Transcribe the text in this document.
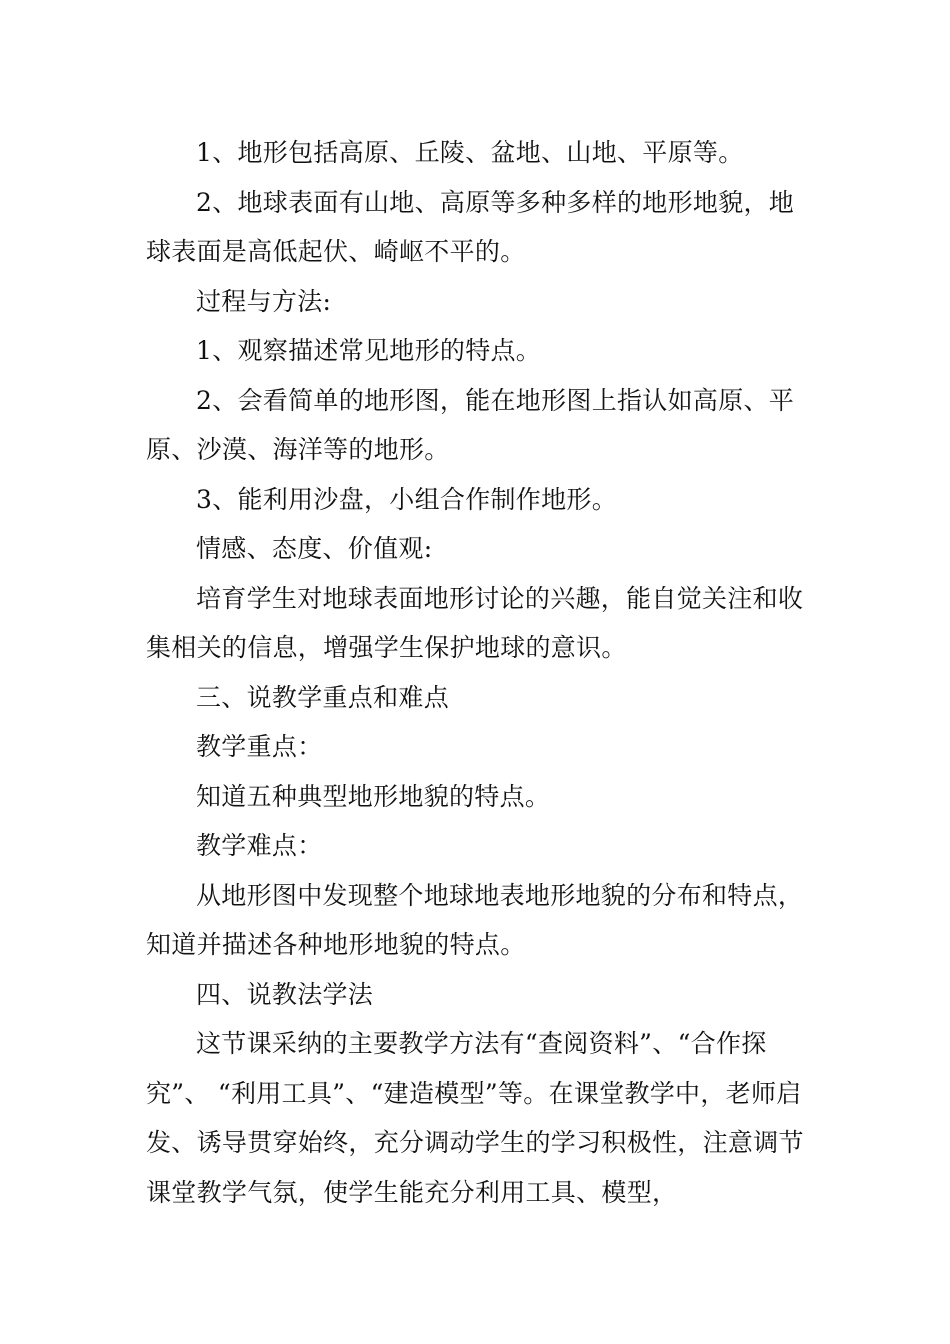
1、地形包括高原、丘陵、盆地、山地、平原等。

2、地球表面有山地、高原等多种多样的地形地貌，地球表面是高低起伏、崎岖不平的。

过程与方法:

1、观察描述常见地形的特点。

2、会看简单的地形图，能在地形图上指认如高原、平原、沙漠、海洋等的地形。

3、能利用沙盘，小组合作制作地形。

情感、态度、价值观:

培育学生对地球表面地形讨论的兴趣，能自觉关注和收集相关的信息，增强学生保护地球的意识。

三、说教学重点和难点

教学重点：

知道五种典型地形地貌的特点。

教学难点：

从地形图中发现整个地球地表地形地貌的分布和特点，知道并描述各种地形地貌的特点。

四、说教法学法

这节课采纳的主要教学方法有“查阅资料”、“合作探究”、 “利用工具”、“建造模型”等。在课堂教学中，老师启发、诱导贯穿始终，充分调动学生的学习积极性，注意调节课堂教学气氛，使学生能充分利用工具、模型，
